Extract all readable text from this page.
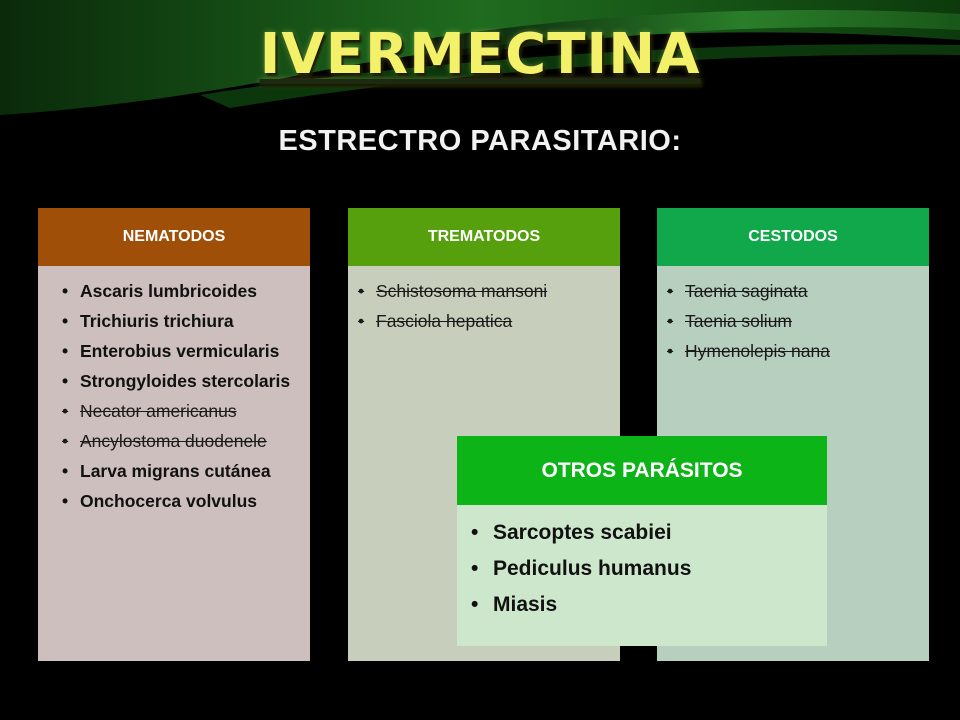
IVERMECTINA
ESTRECTRO PARASITARIO:
NEMATODOS
• Ascaris lumbricoides
• Trichiuris trichiura
• Enterobius vermicularis
• Strongyloides stercolaris
• Necator americanus
• Ancylostoma duodenele
• Larva migrans cutánea
• Onchocerca volvulus
TREMATODOS
• Schistosoma mansoni
• Fasciola hepatica
CESTODOS
• Taenia saginata
• Taenia solium
• Hymenolepis nana
OTROS PARÁSITOS
• Sarcoptes scabiei
• Pediculus humanus
• Miasis
